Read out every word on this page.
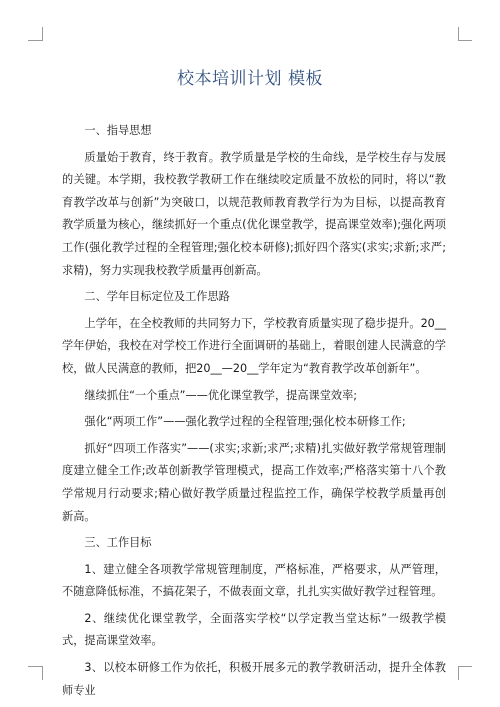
校本培训计划 模板

一、指导思想

质量始于教育，终于教育。教学质量是学校的生命线，是学校生存与发展的关键。本学期，我校教学教研工作在继续咬定质量不放松的同时，将以“教育教学改革与创新”为突破口，以规范教师教育教学行为为目标，以提高教育教学质量为核心，继续抓好一个重点(优化课堂教学，提高课堂效率);强化两项工作(强化教学过程的全程管理;强化校本研修);抓好四个落实(求实;求新;求严;求精)，努力实现我校教学质量再创新高。

二、学年目标定位及工作思路

上学年，在全校教师的共同努力下，学校教育质量实现了稳步提升。20__学年伊始，我校在对学校工作进行全面调研的基础上，着眼创建人民满意的学校，做人民满意的教师，把20__—20__学年定为“教育教学改革创新年”。

继续抓住“一个重点”——优化课堂教学，提高课堂效率;

强化“两项工作”——强化教学过程的全程管理;强化校本研修工作;

抓好“四项工作落实”——(求实;求新;求严;求精)扎实做好教学常规管理制度建立健全工作;改革创新教学管理模式，提高工作效率;严格落实第十八个教学常规月行动要求;精心做好教学质量过程监控工作，确保学校教学质量再创新高。

三、工作目标

1、建立健全各项教学常规管理制度，严格标准，严格要求，从严管理，不随意降低标准，不搞花架子，不做表面文章，扎扎实实做好教学过程管理。

2、继续优化课堂教学，全面落实学校“以学定教当堂达标”一级教学模式，提高课堂效率。

3、以校本研修工作为依托，积极开展多元的教学教研活动，提升全体教师专业
